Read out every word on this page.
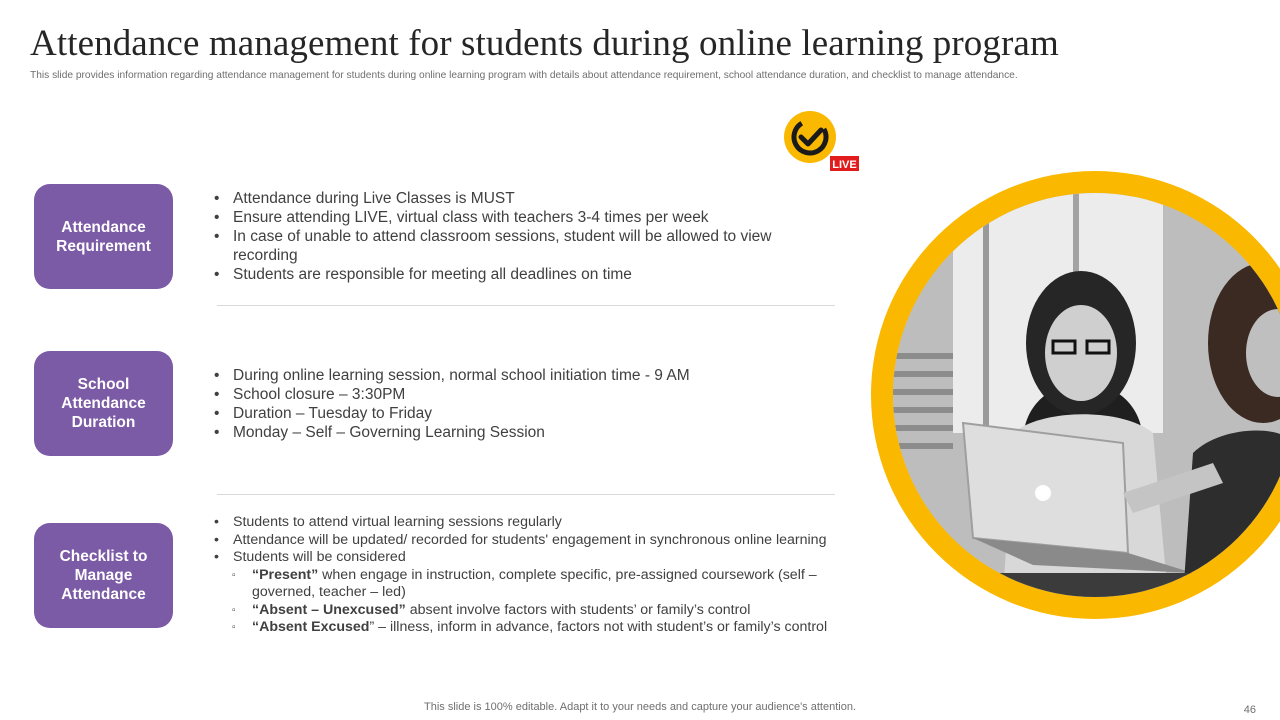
Attendance management for students during online learning program
This slide provides information regarding attendance management for students during online learning program with details about attendance requirement, school attendance duration, and checklist to manage attendance.
LIVE
Attendance Requirement
• Attendance during Live Classes is MUST
• Ensure attending LIVE, virtual class with teachers 3-4 times per week
• In case of unable to attend classroom sessions, student will be allowed to view recording
• Students are responsible for meeting all deadlines on time
School Attendance Duration
• During online learning session, normal school initiation time - 9 AM
• School closure – 3:30PM
• Duration – Tuesday to Friday
• Monday – Self – Governing Learning Session
Checklist to Manage Attendance
• Students to attend virtual learning sessions regularly
• Attendance will be updated/ recorded for students' engagement in synchronous online learning
• Students will be considered
▫ “Present” when engage in instruction, complete specific, pre-assigned coursework (self – governed, teacher – led)
▫ “Absent – Unexcused” absent involve factors with students’ or family’s control
▫ “Absent Excused” – illness, inform in advance, factors not with student’s or family’s control
This slide is 100% editable. Adapt it to your needs and capture your audience's attention.	46
